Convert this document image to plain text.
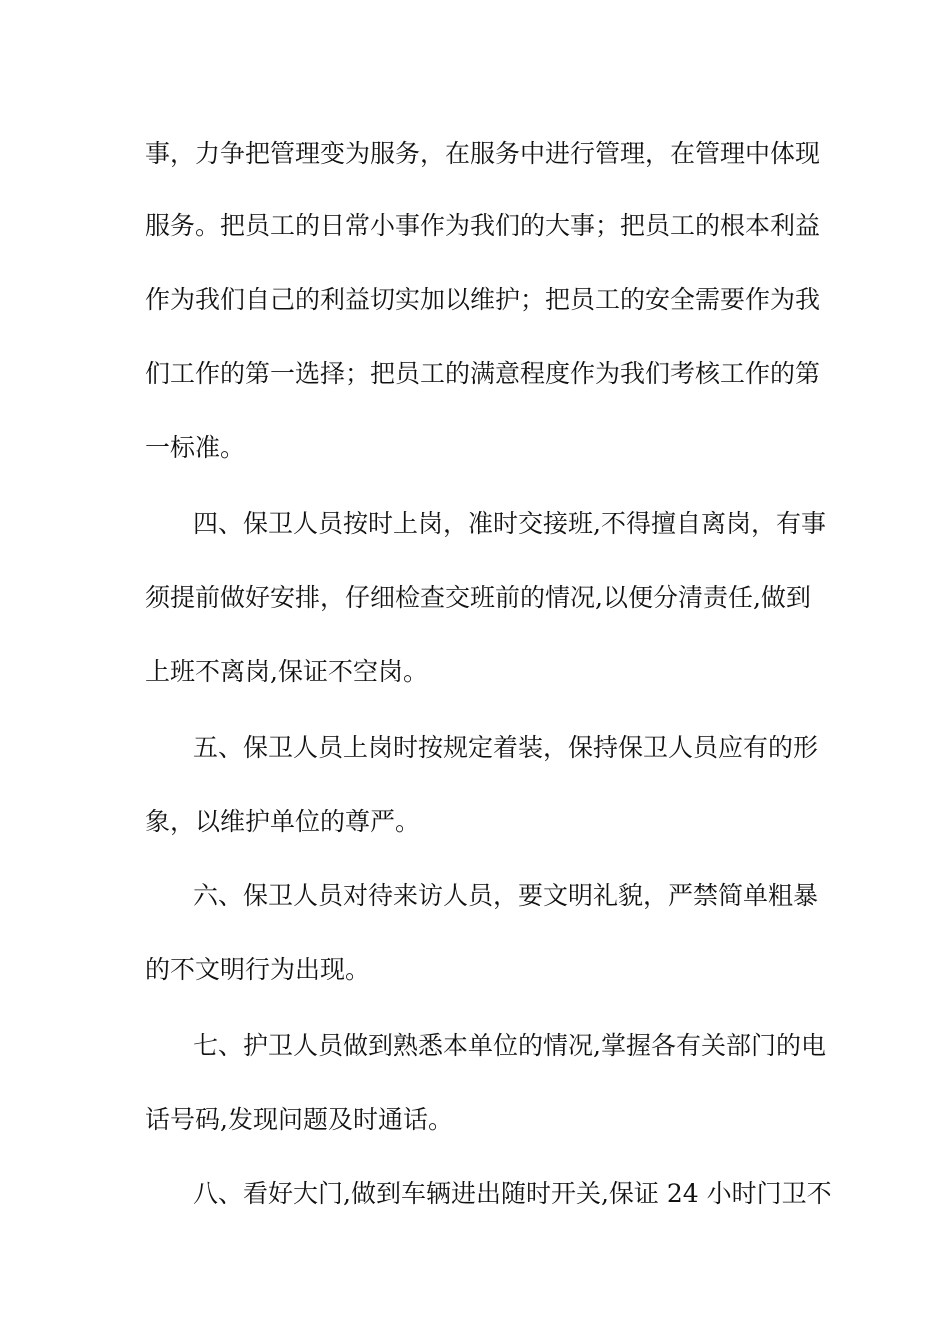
事，力争把管理变为服务，在服务中进行管理，在管理中体现
服务。把员工的日常小事作为我们的大事；把员工的根本利益
作为我们自己的利益切实加以维护；把员工的安全需要作为我
们工作的第一选择；把员工的满意程度作为我们考核工作的第
一标准。
四、保卫人员按时上岗，准时交接班,不得擅自离岗，有事
须提前做好安排，仔细检查交班前的情况,以便分清责任,做到
上班不离岗,保证不空岗。
五、保卫人员上岗时按规定着装，保持保卫人员应有的形
象，以维护单位的尊严。
六、保卫人员对待来访人员，要文明礼貌，严禁简单粗暴
的不文明行为出现。
七、护卫人员做到熟悉本单位的情况,掌握各有关部门的电
话号码,发现问题及时通话。
八、看好大门,做到车辆进出随时开关,保证 24 小时门卫不
